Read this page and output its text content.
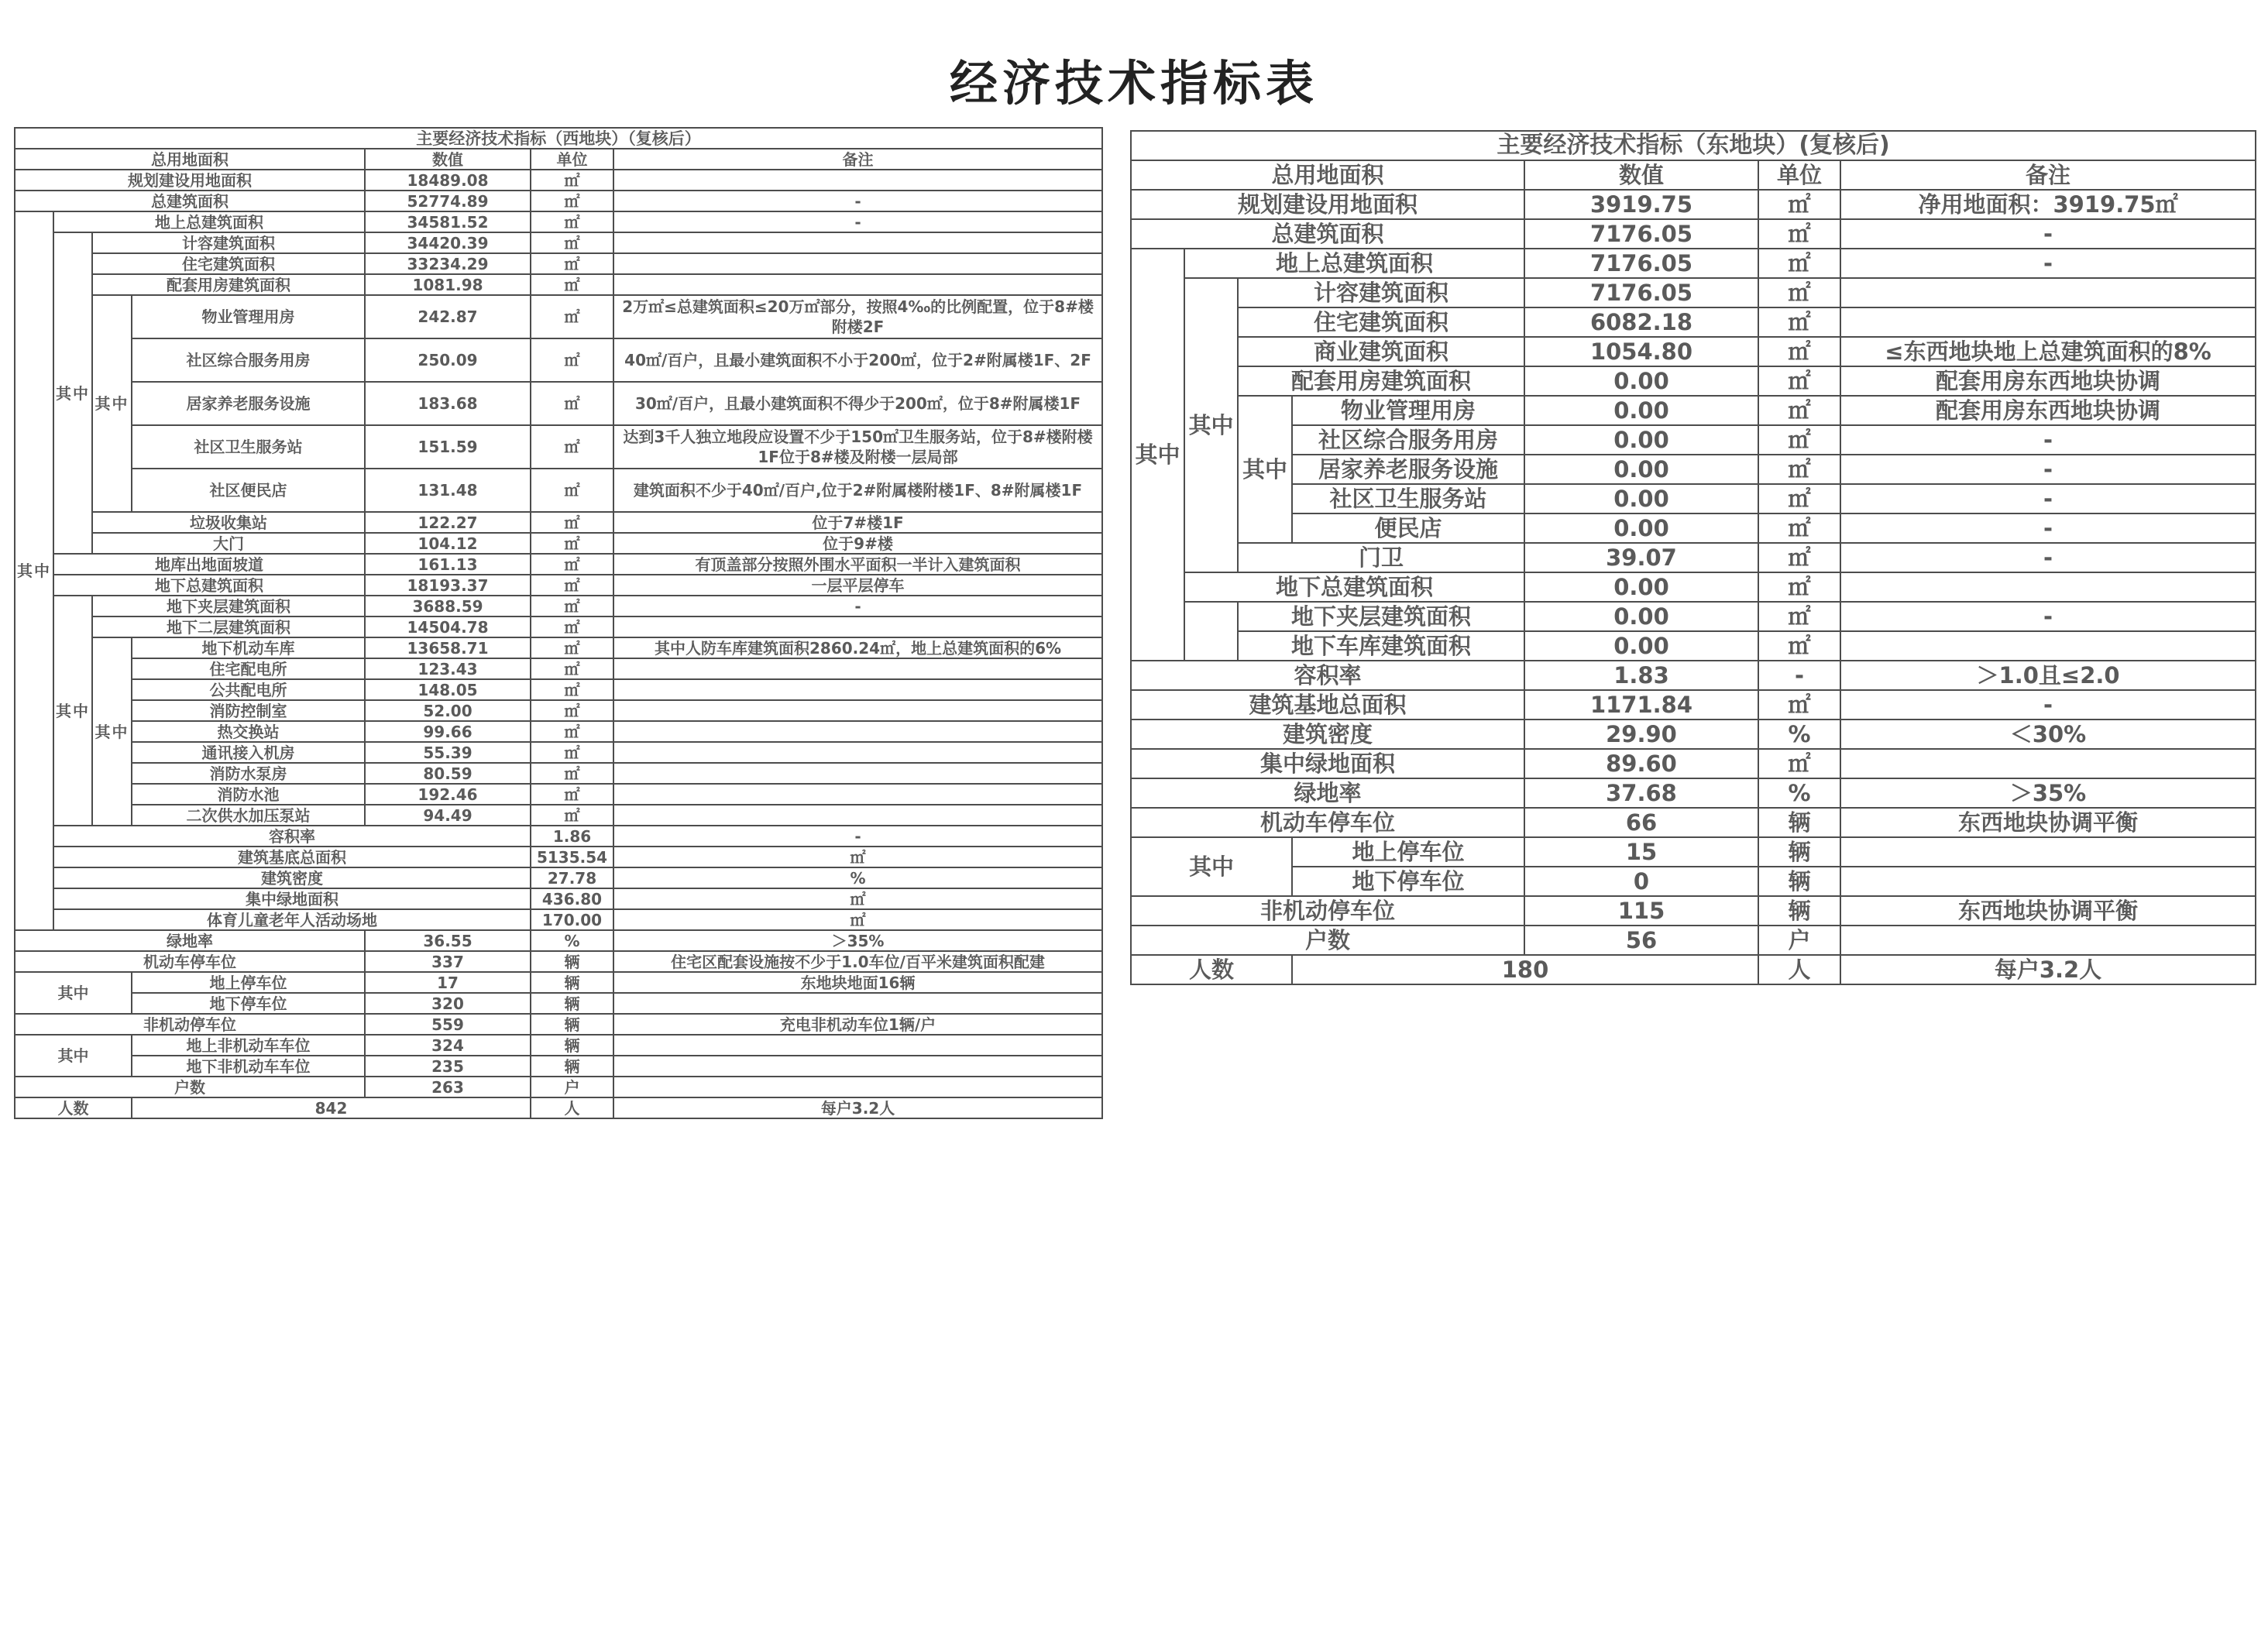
经济技术指标表
主要经济技术指标（西地块）（复核后）							
总用地面积				数值	单位	备注	
规划建设用地面积				18489.08	㎡		
总建筑面积				52774.89	㎡	-	
其中	地上总建筑面积			34581.52	㎡	-	
	其中	计容建筑面积		34420.39	㎡		
		住宅建筑面积		33234.29	㎡		
		配套用房建筑面积		1081.98	㎡		
		其中	物业管理用房	242.87	㎡	2万㎡≤总建筑面积≤20万㎡部分，按照4‰的比例配置，位于8#楼附楼2F	
			社区综合服务用房	250.09	㎡	40㎡/百户，且最小建筑面积不小于200㎡，位于2#附属楼1F、2F	
			居家养老服务设施	183.68	㎡	30㎡/百户，且最小建筑面积不得少于200㎡，位于8#附属楼1F	
			社区卫生服务站	151.59	㎡	达到3千人独立地段应设置不少于150㎡卫生服务站，位于8#楼附楼1F位于8#楼及附楼一层局部	
			社区便民店	131.48	㎡	建筑面积不少于40㎡/百户,位于2#附属楼附楼1F、8#附属楼1F	
		垃圾收集站		122.27	㎡	位于7#楼1F	
		大门		104.12	㎡	位于9#楼	
	地库出地面坡道			161.13	㎡	有顶盖部分按照外围水平面积一半计入建筑面积	
	地下总建筑面积			18193.37	㎡	一层平层停车	
	其中	地下夹层建筑面积		3688.59	㎡	-	
		地下二层建筑面积		14504.78	㎡		
		其中	地下机动车库	13658.71	㎡	其中人防车库建筑面积2860.24㎡，地上总建筑面积的6%	
			住宅配电所	123.43	㎡		
			公共配电所	148.05	㎡		
			消防控制室	52.00	㎡		
			热交换站	99.66	㎡		
			通讯接入机房	55.39	㎡		
			消防水泵房	80.59	㎡		
			消防水池	192.46	㎡		
			二次供水加压泵站	94.49	㎡		
	容积率				1.86	-	
	建筑基底总面积				5135.54	㎡	
	建筑密度				27.78	%	
	集中绿地面积				436.80	㎡	
	体育儿童老年人活动场地				170.00	㎡	
绿地率				36.55	%	＞35%	
机动车停车位				337	辆	住宅区配套设施按不少于1.0车位/百平米建筑面积配建	
其中			地上停车位	17	辆	东地块地面16辆	
			地下停车位	320	辆		
非机动停车位				559	辆	充电非机动车位1辆/户	
其中			地上非机动车车位	324	辆		
			地下非机动车车位	235	辆		
户数				263	户		
人数			842		人	每户3.2人	
主要经济技术指标（东地块）(复核后)						
总用地面积				数值	单位	备注
规划建设用地面积				3919.75	㎡	净用地面积：3919.75㎡
总建筑面积				7176.05	㎡	-
其中	地上总建筑面积			7176.05	㎡	-
	其中	计容建筑面积		7176.05	㎡	
		住宅建筑面积		6082.18	㎡	
		商业建筑面积		1054.80	㎡	≤东西地块地上总建筑面积的8%
		配套用房建筑面积		0.00	㎡	配套用房东西地块协调
		其中	物业管理用房	0.00	㎡	配套用房东西地块协调
			社区综合服务用房	0.00	㎡	-
			居家养老服务设施	0.00	㎡	-
			社区卫生服务站	0.00	㎡	-
			便民店	0.00	㎡	-
		门卫		39.07	㎡	-
	地下总建筑面积			0.00	㎡	
		地下夹层建筑面积		0.00	㎡	-
		地下车库建筑面积		0.00	㎡	
容积率				1.83	-	＞1.0且≤2.0
建筑基地总面积				1171.84	㎡	-
建筑密度				29.90	%	＜30%
集中绿地面积				89.60	㎡	
绿地率				37.68	%	＞35%
机动车停车位				66	辆	东西地块协调平衡
其中			地上停车位	15	辆	
			地下停车位	0	辆	
非机动停车位				115	辆	东西地块协调平衡
户数				56	户	
人数			180		人	每户3.2人
